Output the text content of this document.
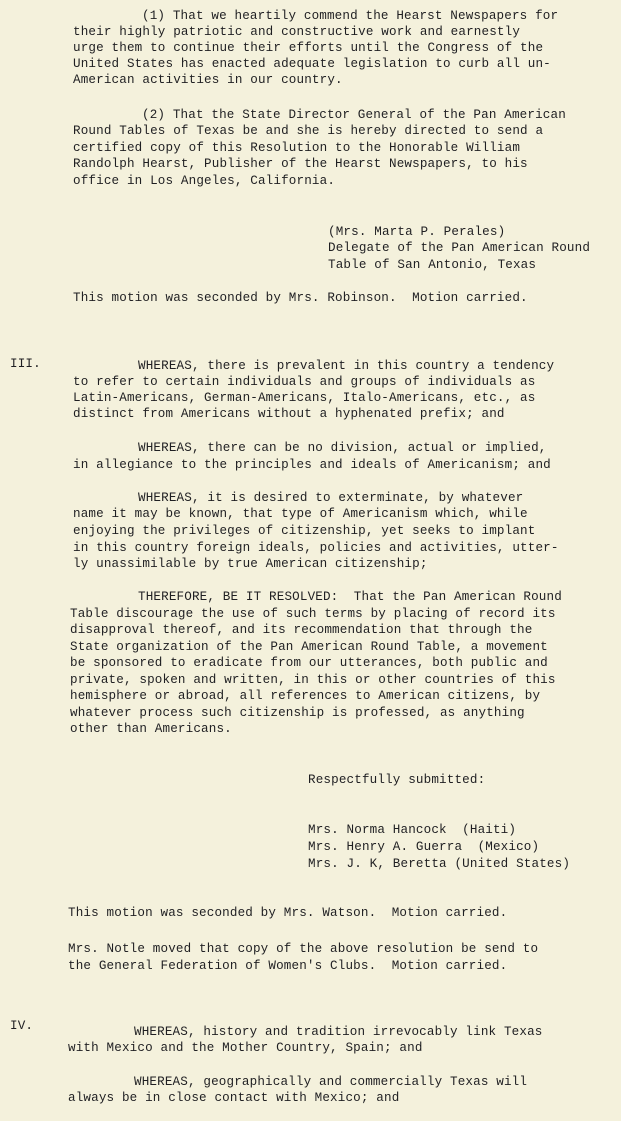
(1) That we heartily commend the Hearst Newspapers for
their highly patriotic and constructive work and earnestly
urge them to continue their efforts until the Congress of the
United States has enacted adequate legislation to curb all un-
American activities in our country.
(2) That the State Director General of the Pan American
Round Tables of Texas be and she is hereby directed to send a
certified copy of this Resolution to the Honorable William
Randolph Hearst, Publisher of the Hearst Newspapers, to his
office in Los Angeles, California.
(Mrs. Marta P. Perales)
Delegate of the Pan American Round
Table of San Antonio, Texas
This motion was seconded by Mrs. Robinson.  Motion carried.
III.	WHEREAS, there is prevalent in this country a tendency
to refer to certain individuals and groups of individuals as
Latin-Americans, German-Americans, Italo-Americans, etc., as
distinct from Americans without a hyphenated prefix; and
WHEREAS, there can be no division, actual or implied,
in allegiance to the principles and ideals of Americanism; and
WHEREAS, it is desired to exterminate, by whatever
name it may be known, that type of Americanism which, while
enjoying the privileges of citizenship, yet seeks to implant
in this country foreign ideals, policies and activities, utter-
ly unassimilable by true American citizenship;
THEREFORE, BE IT RESOLVED:  That the Pan American Round
Table discourage the use of such terms by placing of record its
disapproval thereof, and its recommendation that through the
State organization of the Pan American Round Table, a movement
be sponsored to eradicate from our utterances, both public and
private, spoken and written, in this or other countries of this
hemisphere or abroad, all references to American citizens, by
whatever process such citizenship is professed, as anything
other than Americans.
Respectfully submitted:
Mrs. Norma Hancock  (Haiti)
Mrs. Henry A. Guerra  (Mexico)
Mrs. J. K, Beretta (United States)
This motion was seconded by Mrs. Watson.  Motion carried.
Mrs. Notle moved that copy of the above resolution be send to
the General Federation of Women's Clubs.  Motion carried.
IV.	WHEREAS, history and tradition irrevocably link Texas
with Mexico and the Mother Country, Spain; and
WHEREAS, geographically and commercially Texas will
always be in close contact with Mexico; and
